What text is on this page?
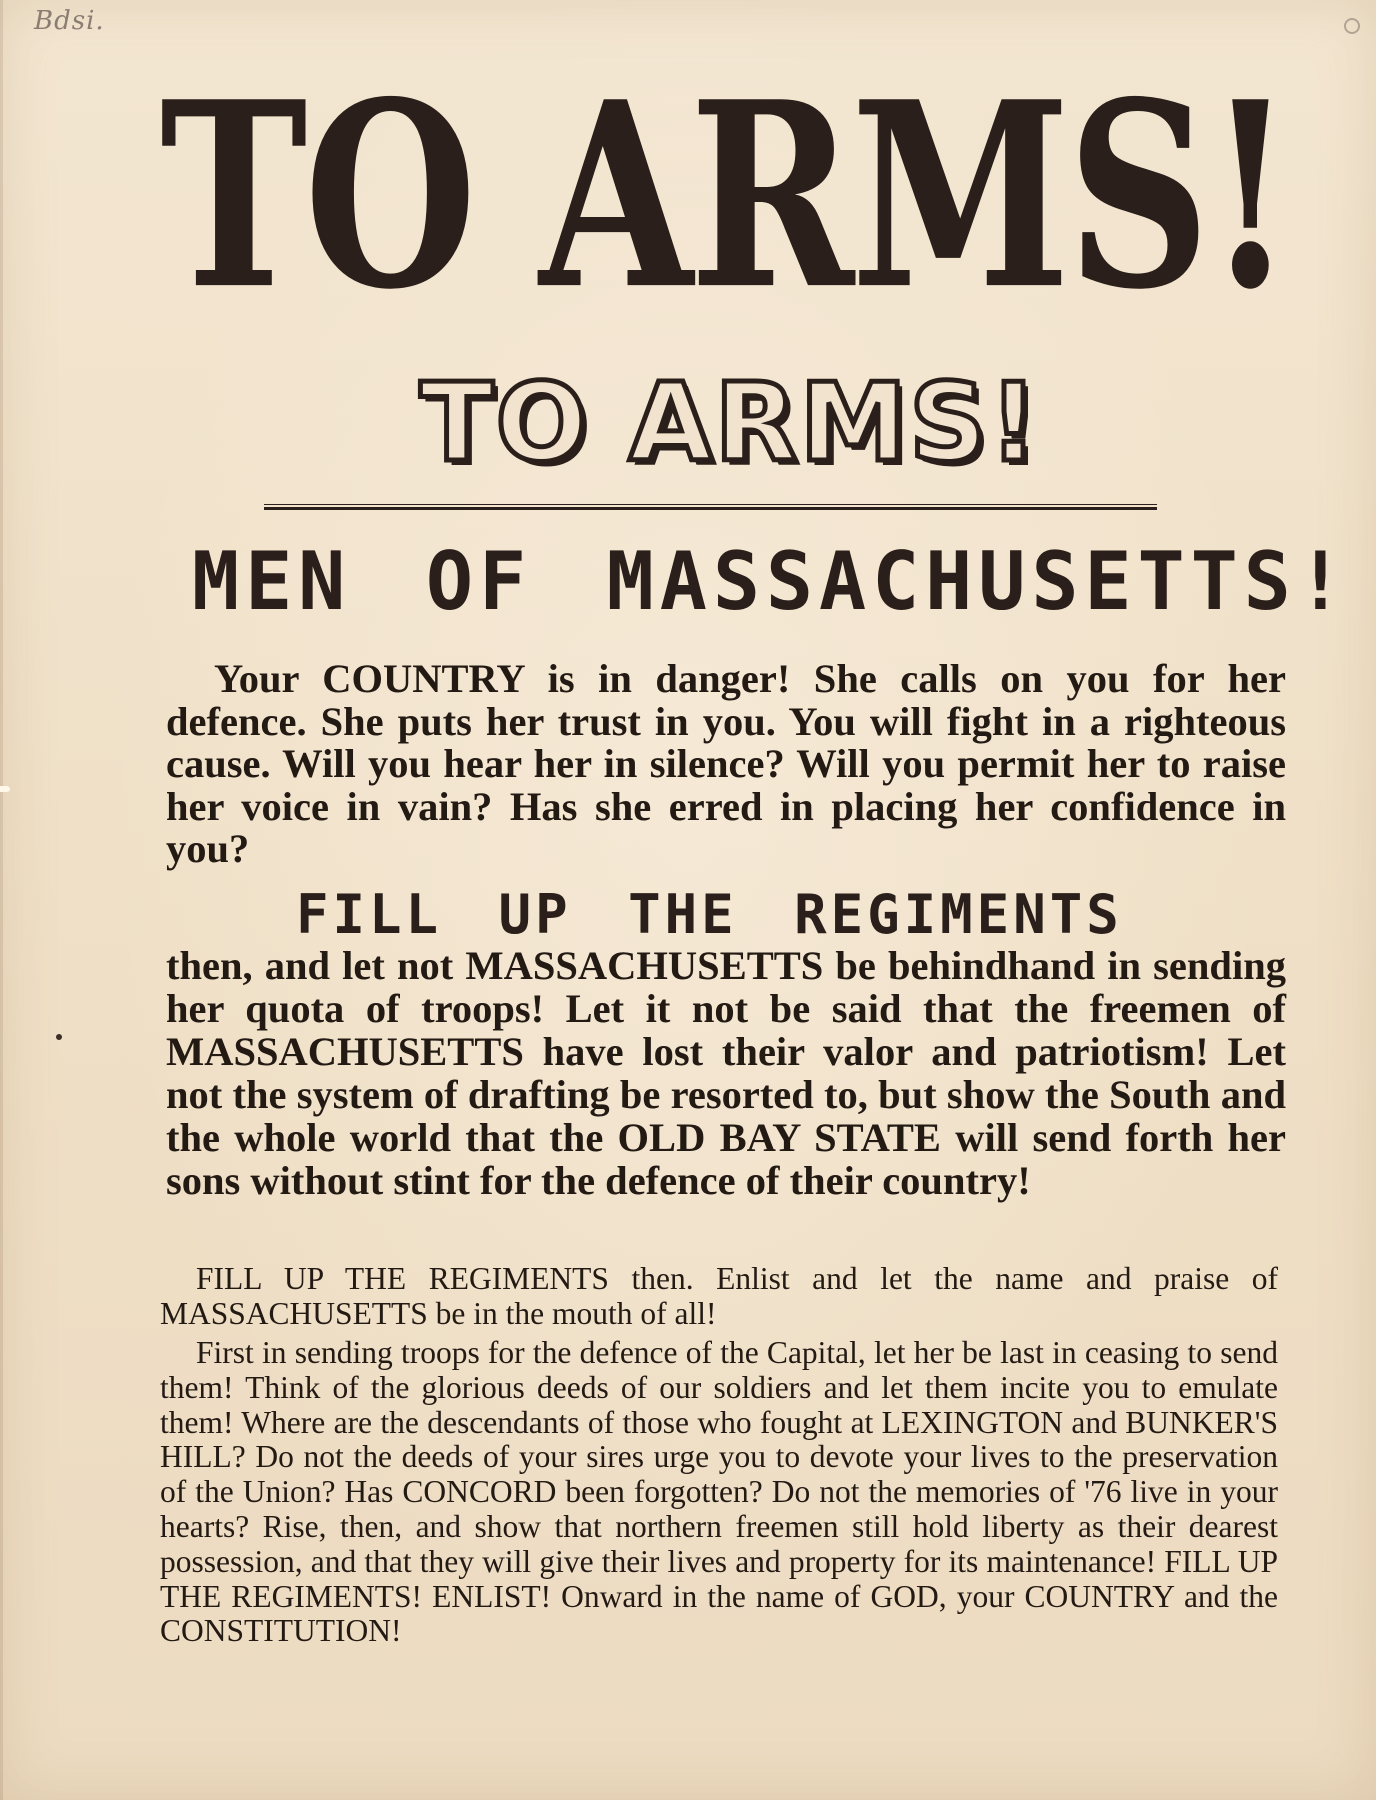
Bdsi.
TO ARMS!
TO ARMS!
MEN OF MASSACHUSETTS!

Your COUNTRY is in danger! She calls on you for her defence. She puts her trust in you. You will fight in a righteous cause. Will you hear her in silence? Will you permit her to raise her voice in vain? Has she erred in placing her confidence in you?

FILL UP THE REGIMENTS

then, and let not MASSACHUSETTS be behindhand in sending her quota of troops! Let it not be said that the freemen of MASSACHUSETTS have lost their valor and patriotism! Let not the system of drafting be resorted to, but show the South and the whole world that the OLD BAY STATE will send forth her sons without stint for the defence of their country!

FILL UP THE REGIMENTS then. Enlist and let the name and praise of MASSACHUSETTS be in the mouth of all!

First in sending troops for the defence of the Capital, let her be last in ceasing to send them! Think of the glorious deeds of our soldiers and let them incite you to emulate them! Where are the descendants of those who fought at LEXINGTON and BUNKER'S HILL? Do not the deeds of your sires urge you to devote your lives to the preservation of the Union? Has CONCORD been forgotten? Do not the memories of '76 live in your hearts? Rise, then, and show that northern freemen still hold liberty as their dearest possession, and that they will give their lives and property for its maintenance! FILL UP THE REGIMENTS! ENLIST! Onward in the name of GOD, your COUNTRY and the CONSTITUTION!
